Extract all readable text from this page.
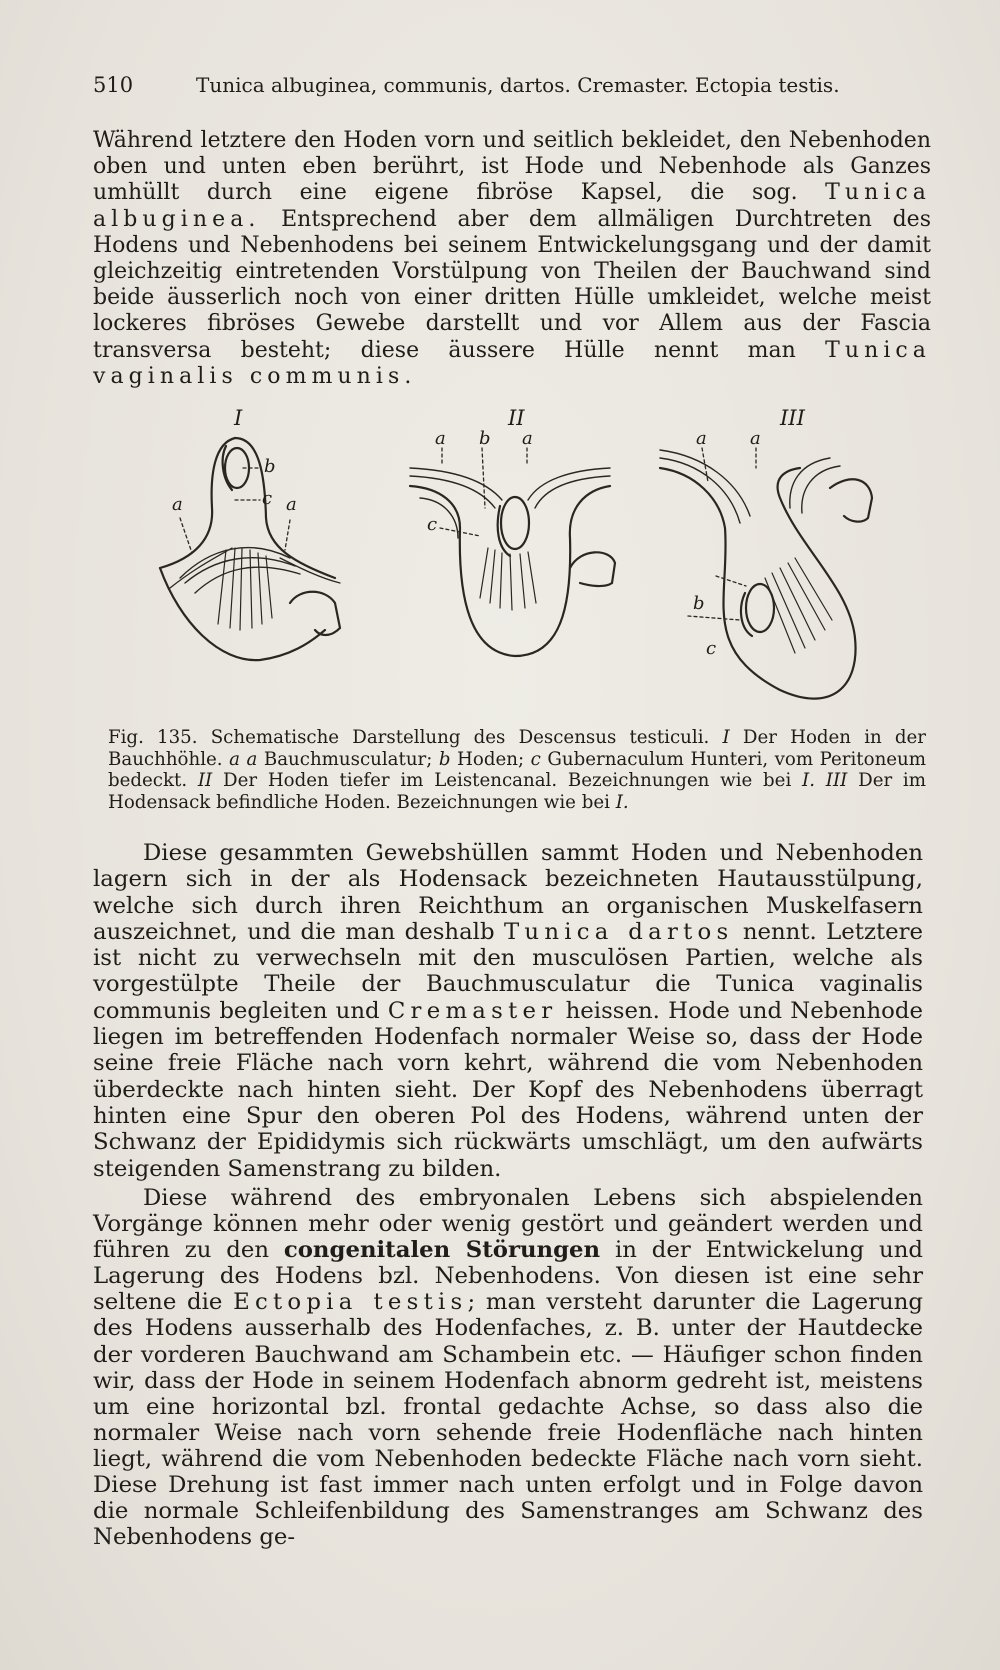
510	Tunica albuginea, communis, dartos. Cremaster. Ectopia testis.

Während letztere den Hoden vorn und seitlich bekleidet, den Nebenhoden oben und unten eben berührt, ist Hode und Nebenhode als Ganzes umhüllt durch eine eigene fibröse Kapsel, die sog. Tunica albuginea. Entsprechend aber dem allmäligen Durchtreten des Hodens und Nebenhodens bei seinem Entwickelungsgang und der damit gleichzeitig eintretenden Vorstülpung von Theilen der Bauchwand sind beide äusserlich noch von einer dritten Hülle umkleidet, welche meist lockeres fibröses Gewebe darstellt und vor Allem aus der Fascia transversa besteht; diese äussere Hülle nennt man Tunica vaginalis communis.

I	II	III
b
a	c a
a b a
c
a a
b
c

Fig. 135. Schematische Darstellung des Descensus testiculi. I Der Hoden in der Bauchhöhle. a a Bauchmusculatur; b Hoden; c Gubernaculum Hunteri, vom Peritoneum bedeckt. II Der Hoden tiefer im Leistencanal. Bezeichnungen wie bei I. III Der im Hodensack befindliche Hoden. Bezeichnungen wie bei I.

Diese gesammten Gewebshüllen sammt Hoden und Nebenhoden lagern sich in der als Hodensack bezeichneten Hautausstülpung, welche sich durch ihren Reichthum an organischen Muskelfasern auszeichnet, und die man deshalb Tunica dartos nennt. Letztere ist nicht zu verwechseln mit den musculösen Partien, welche als vorgestülpte Theile der Bauchmusculatur die Tunica vaginalis communis begleiten und Cremaster heissen. Hode und Nebenhode liegen im betreffenden Hodenfach normaler Weise so, dass der Hode seine freie Fläche nach vorn kehrt, während die vom Nebenhoden überdeckte nach hinten sieht. Der Kopf des Nebenhodens überragt hinten eine Spur den oberen Pol des Hodens, während unten der Schwanz der Epididymis sich rückwärts umschlägt, um den aufwärts steigenden Samenstrang zu bilden.

Diese während des embryonalen Lebens sich abspielenden Vorgänge können mehr oder wenig gestört und geändert werden und führen zu den congenitalen Störungen in der Entwickelung und Lagerung des Hodens bzl. Nebenhodens. Von diesen ist eine sehr seltene die Ectopia testis; man versteht darunter die Lagerung des Hodens ausserhalb des Hodenfaches, z. B. unter der Hautdecke der vorderen Bauchwand am Schambein etc. — Häufiger schon finden wir, dass der Hode in seinem Hodenfach abnorm gedreht ist, meistens um eine horizontal bzl. frontal gedachte Achse, so dass also die normaler Weise nach vorn sehende freie Hodenfläche nach hinten liegt, während die vom Nebenhoden bedeckte Fläche nach vorn sieht. Diese Drehung ist fast immer nach unten erfolgt und in Folge davon die normale Schleifenbildung des Samenstranges am Schwanz des Nebenhodens ge-
